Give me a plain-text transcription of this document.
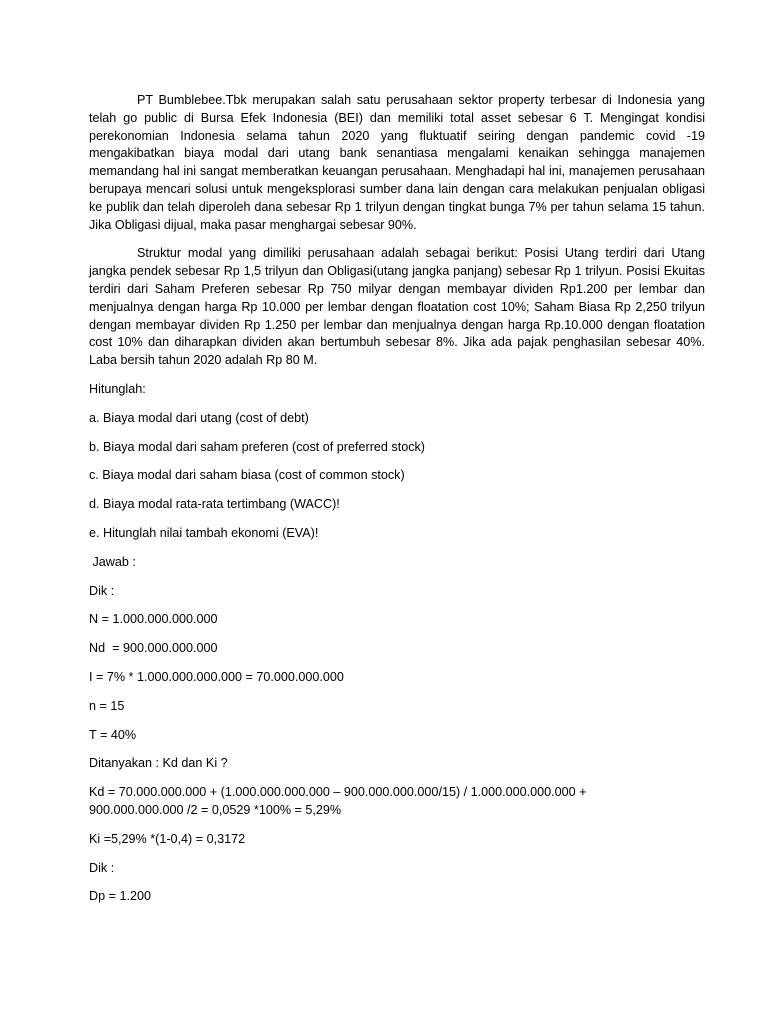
PT Bumblebee.Tbk merupakan salah satu perusahaan sektor property terbesar di Indonesia yang telah go public di Bursa Efek Indonesia (BEI) dan memiliki total asset sebesar 6 T. Mengingat kondisi perekonomian Indonesia selama tahun 2020 yang fluktuatif seiring dengan pandemic covid -19 mengakibatkan biaya modal dari utang bank senantiasa mengalami kenaikan sehingga manajemen memandang hal ini sangat memberatkan keuangan perusahaan. Menghadapi hal ini, manajemen perusahaan berupaya mencari solusi untuk mengeksplorasi sumber dana lain dengan cara melakukan penjualan obligasi ke publik dan telah diperoleh dana sebesar Rp 1 trilyun dengan tingkat bunga 7% per tahun selama 15 tahun. Jika Obligasi dijual, maka pasar menghargai sebesar 90%.

Struktur modal yang dimiliki perusahaan adalah sebagai berikut: Posisi Utang terdiri dari Utang jangka pendek sebesar Rp 1,5 trilyun dan Obligasi(utang jangka panjang) sebesar Rp 1 trilyun. Posisi Ekuitas terdiri dari Saham Preferen sebesar Rp 750 milyar dengan membayar dividen Rp1.200 per lembar dan menjualnya dengan harga Rp 10.000 per lembar dengan floatation cost 10%; Saham Biasa Rp 2,250 trilyun dengan membayar dividen Rp 1.250 per lembar dan menjualnya dengan harga Rp.10.000 dengan floatation cost 10% dan diharapkan dividen akan bertumbuh sebesar 8%. Jika ada pajak penghasilan sebesar 40%. Laba bersih tahun 2020 adalah Rp 80 M.

Hitunglah:

a. Biaya modal dari utang (cost of debt)

b. Biaya modal dari saham preferen (cost of preferred stock)

c. Biaya modal dari saham biasa (cost of common stock)

d. Biaya modal rata-rata tertimbang (WACC)!

e. Hitunglah nilai tambah ekonomi (EVA)!

Jawab :

Dik :

N = 1.000.000.000.000

Nd  = 900.000.000.000

I = 7% * 1.000.000.000.000 = 70.000.000.000

n = 15

T = 40%

Ditanyakan : Kd dan Ki ?

Kd = 70.000.000.000 + (1.000.000.000.000 – 900.000.000.000/15) / 1.000.000.000.000 +

900.000.000.000 /2 = 0,0529 *100% = 5,29%

Ki =5,29% *(1-0,4) = 0,3172

Dik :

Dp = 1.200
